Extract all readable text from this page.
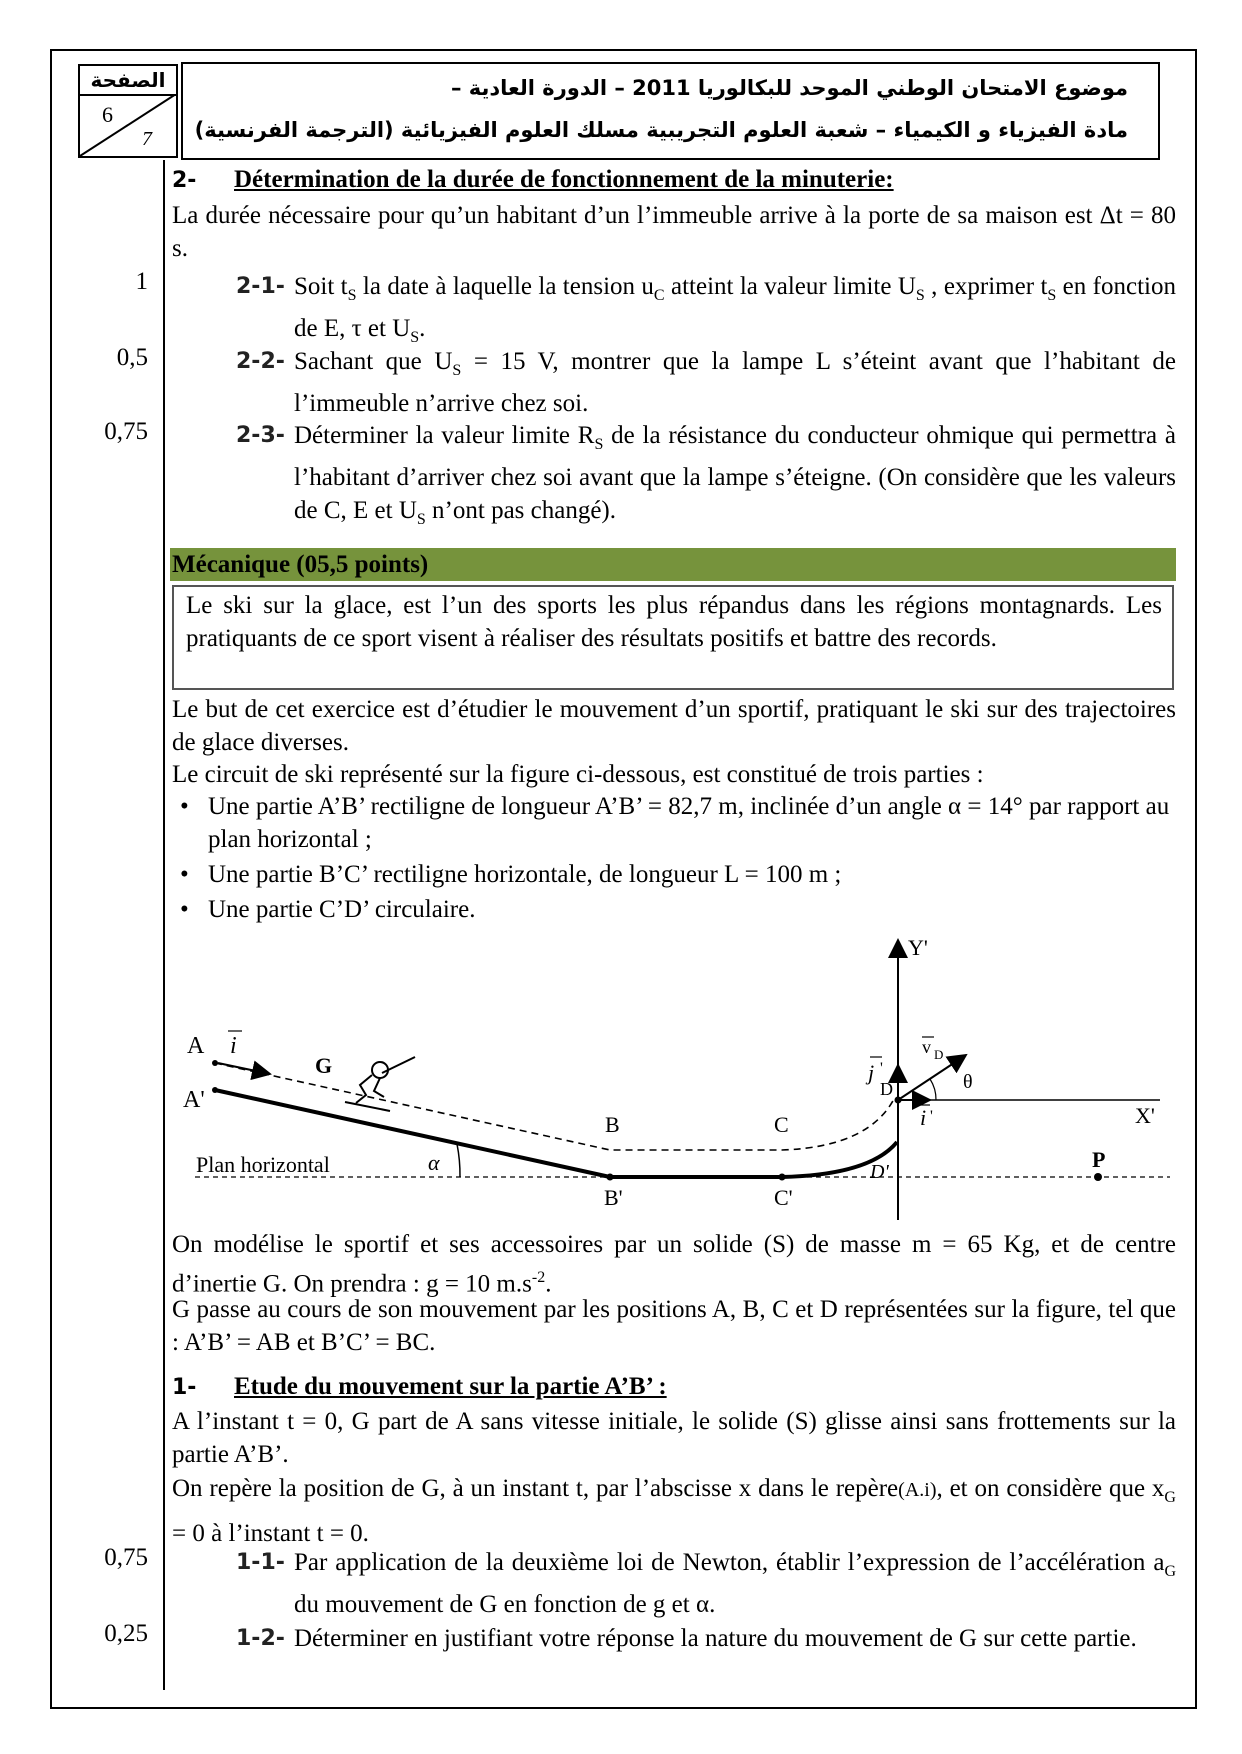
الصفحة
6
7
موضوع الامتحان الوطني الموحد للبكالوريا 2011 – الدورة العادية –
مادة الفيزياء و الكيمياء – شعبة العلوم التجريبية مسلك العلوم الفيزيائية (الترجمة الفرنسية)
1
0,5
0,75
0,75
0,25
2- Détermination de la durée de fonctionnement de la minuterie:
La durée nécessaire pour qu’un habitant d’un l’immeuble arrive à la porte de sa maison est Δt = 80 s.
2-1- Soit $t_S$ la date à laquelle la tension $u_C$ atteint la valeur limite $U_S$ , exprimer $t_S$ en fonction de E, τ et $U_S$.
2-2- Sachant que $U_S = 15$ V, montrer que la lampe L s’éteint avant que l’habitant de l’immeuble n’arrive chez soi.
2-3- Déterminer la valeur limite $R_S$ de la résistance du conducteur ohmique qui permettra à l’habitant d’arriver chez soi avant que la lampe s’éteigne. (On considère que les valeurs de C, E et $U_S$ n’ont pas changé).
Mécanique (05,5 points)
Le ski sur la glace, est l’un des sports les plus répandus dans les régions montagnards. Les pratiquants de ce sport visent à réaliser des résultats positifs et battre des records.
Le but de cet exercice est d’étudier le mouvement d’un sportif, pratiquant le ski sur des trajectoires de glace diverses.
Le circuit de ski représenté sur la figure ci-dessous, est constitué de trois parties :
• Une partie A’B’ rectiligne de longueur A’B’ = 82,7 m, inclinée d’un angle α = 14° par rapport au plan horizontal ;
• Une partie B’C’ rectiligne horizontale, de longueur L = 100 m ;
• Une partie C’D’ circulaire.
A i
A'
G
B
B'
C
C'
D
D'
j '
i '
v D
θ
Y'
X'
P
α
Plan horizontal
On modélise le sportif et ses accessoires par un solide (S) de masse m = 65 Kg, et de centre d’inertie G. On prendra : g = 10 $m.s^{-2}$.
G passe au cours de son mouvement par les positions A, B, C et D représentées sur la figure, tel que : A’B’ = AB et B’C’ = BC.
1- Etude du mouvement sur la partie A’B’ :
A l’instant t = 0, G part de A sans vitesse initiale, le solide (S) glisse ainsi sans frottements sur la partie A’B’.
On repère la position de G, à un instant t, par l’abscisse x dans le repère(A.i), et on considère que $x_G = 0$ à l’instant t = 0.
1-1- Par application de la deuxième loi de Newton, établir l’expression de l’accélération $a_G$ du mouvement de G en fonction de g et α.
1-2- Déterminer en justifiant votre réponse la nature du mouvement de G sur cette partie.
